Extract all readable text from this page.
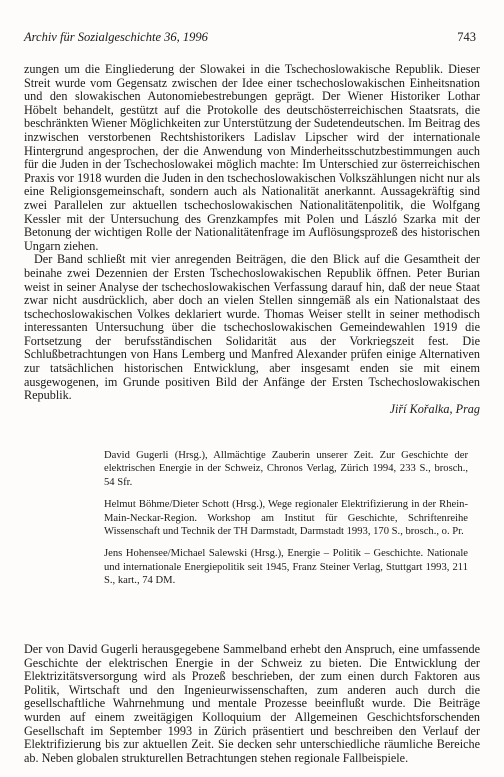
Archiv für Sozialgeschichte 36, 1996	743

zungen um die Eingliederung der Slowakei in die Tschechoslowakische Republik. Dieser Streit wurde vom Gegensatz zwischen der Idee einer tschechoslowakischen Einheitsnation und den slowakischen Autonomiebestrebungen geprägt. Der Wiener Historiker Lothar Höbelt behandelt, gestützt auf die Protokolle des deutschösterreichischen Staatsrats, die beschränkten Wiener Möglichkeiten zur Unterstützung der Sudetendeutschen. Im Beitrag des inzwischen verstorbenen Rechtshistorikers Ladislav Lipscher wird der internationale Hintergrund angesprochen, der die Anwendung von Minderheitsschutzbestimmungen auch für die Juden in der Tschechoslowakei möglich machte: Im Unterschied zur österreichischen Praxis vor 1918 wurden die Juden in den tschechoslowakischen Volkszählungen nicht nur als eine Religionsgemeinschaft, sondern auch als Nationalität anerkannt. Aussagekräftig sind zwei Parallelen zur aktuellen tschechoslowakischen Nationalitätenpolitik, die Wolfgang Kessler mit der Untersuchung des Grenzkampfes mit Polen und László Szarka mit der Betonung der wichtigen Rolle der Nationalitätenfrage im Auflösungsprozeß des historischen Ungarn ziehen.

Der Band schließt mit vier anregenden Beiträgen, die den Blick auf die Gesamtheit der beinahe zwei Dezennien der Ersten Tschechoslowakischen Republik öffnen. Peter Burian weist in seiner Analyse der tschechoslowakischen Verfassung darauf hin, daß der neue Staat zwar nicht ausdrücklich, aber doch an vielen Stellen sinngemäß als ein Nationalstaat des tschechoslowakischen Volkes deklariert wurde. Thomas Weiser stellt in seiner methodisch interessanten Untersuchung über die tschechoslowakischen Gemeindewahlen 1919 die Fortsetzung der berufsständischen Solidarität aus der Vorkriegszeit fest. Die Schlußbetrachtungen von Hans Lemberg und Manfred Alexander prüfen einige Alternativen zur tatsächlichen historischen Entwicklung, aber insgesamt enden sie mit einem ausgewogenen, im Grunde positiven Bild der Anfänge der Ersten Tschechoslowakischen Republik.

Jiří Kořalka, Prag

David Gugerli (Hrsg.), Allmächtige Zauberin unserer Zeit. Zur Geschichte der elektrischen Energie in der Schweiz, Chronos Verlag, Zürich 1994, 233 S., brosch., 54 Sfr.

Helmut Böhme/Dieter Schott (Hrsg.), Wege regionaler Elektrifizierung in der Rhein-Main-Neckar-Region. Workshop am Institut für Geschichte, Schriftenreihe Wissenschaft und Technik der TH Darmstadt, Darmstadt 1993, 170 S., brosch., o. Pr.

Jens Hohensee/Michael Salewski (Hrsg.), Energie – Politik – Geschichte. Nationale und internationale Energiepolitik seit 1945, Franz Steiner Verlag, Stuttgart 1993, 211 S., kart., 74 DM.

Der von David Gugerli herausgegebene Sammelband erhebt den Anspruch, eine umfassende Geschichte der elektrischen Energie in der Schweiz zu bieten. Die Entwicklung der Elektrizitätsversorgung wird als Prozeß beschrieben, der zum einen durch Faktoren aus Politik, Wirtschaft und den Ingenieurwissenschaften, zum anderen auch durch die gesellschaftliche Wahrnehmung und mentale Prozesse beeinflußt wurde. Die Beiträge wurden auf einem zweitägigen Kolloquium der Allgemeinen Geschichtsforschenden Gesellschaft im September 1993 in Zürich präsentiert und beschreiben den Verlauf der Elektrifizierung bis zur aktuellen Zeit. Sie decken sehr unterschiedliche räumliche Bereiche ab. Neben globalen strukturellen Betrachtungen stehen regionale Fallbeispiele.
